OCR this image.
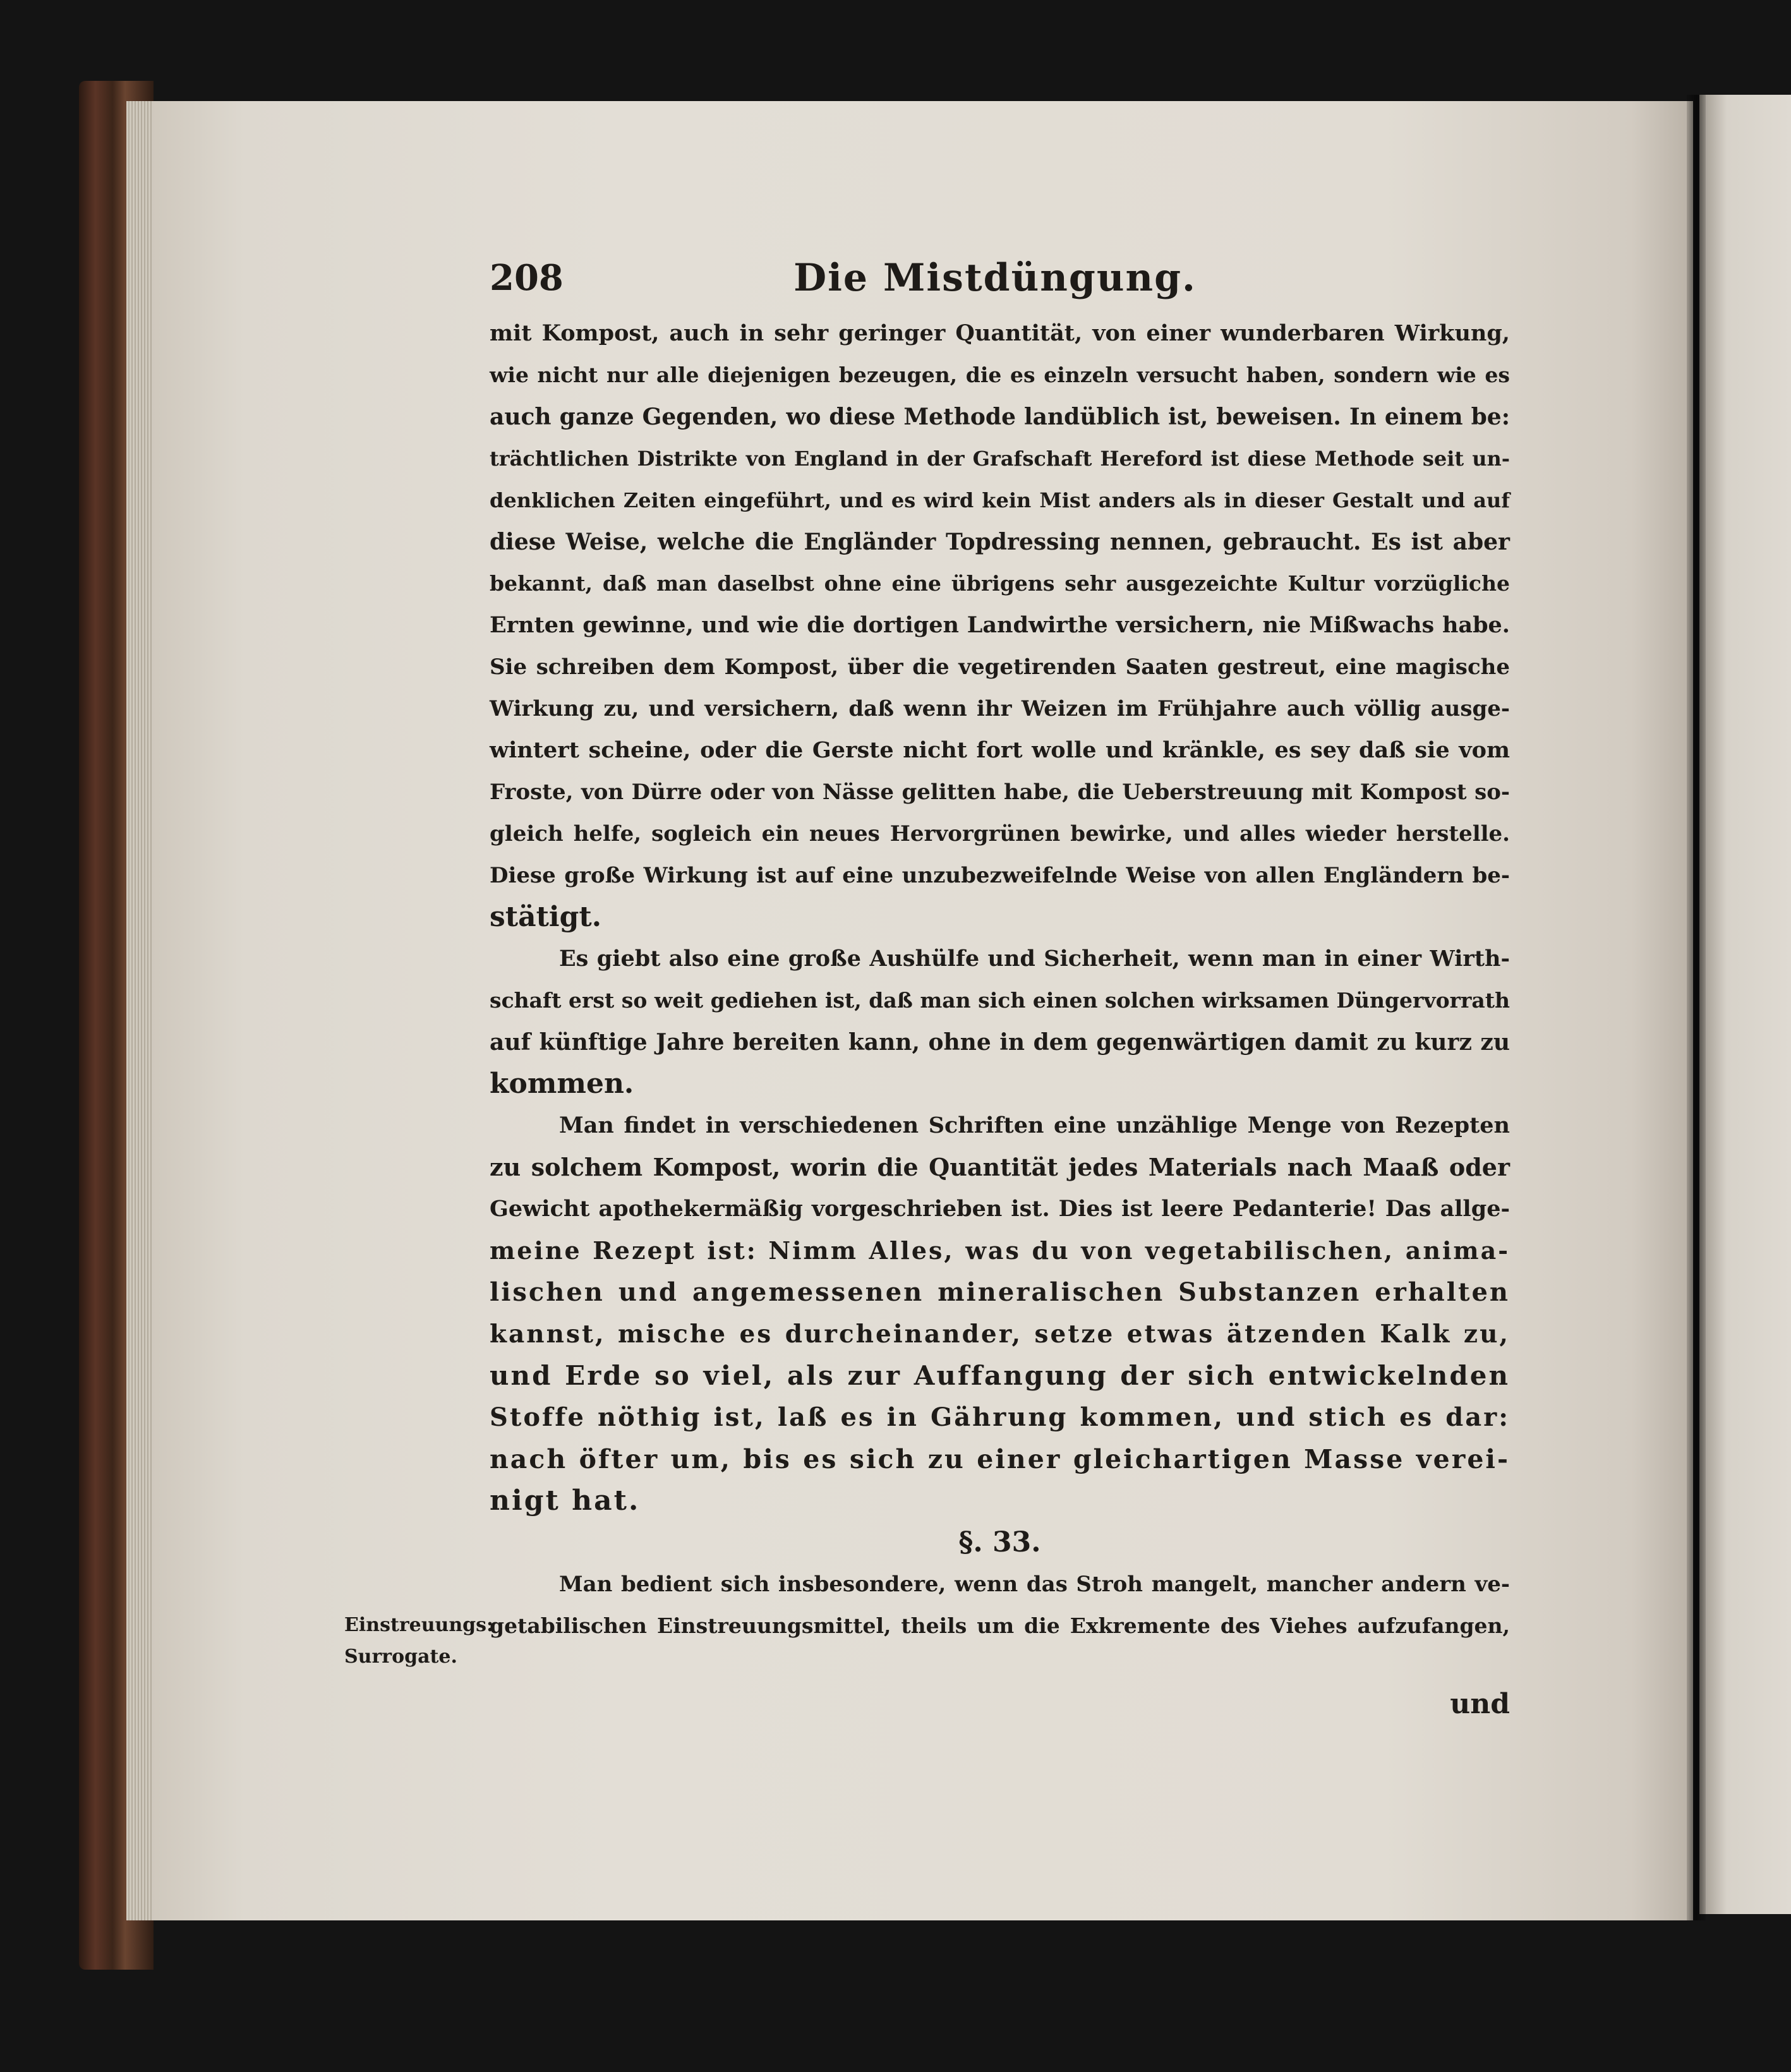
208	Die Mistdüngung.
mit Kompost, auch in sehr geringer Quantität, von einer wunderbaren Wirkung,
wie nicht nur alle diejenigen bezeugen, die es einzeln versucht haben, sondern wie es
auch ganze Gegenden, wo diese Methode landüblich ist, beweisen. In einem be:
trächtlichen Distrikte von England in der Grafschaft Hereford ist diese Methode seit un-
denklichen Zeiten eingeführt, und es wird kein Mist anders als in dieser Gestalt und auf
diese Weise, welche die Engländer Topdressing nennen, gebraucht. Es ist aber
bekannt, daß man daselbst ohne eine übrigens sehr ausgezeichte Kultur vorzügliche
Ernten gewinne, und wie die dortigen Landwirthe versichern, nie Mißwachs habe.
Sie schreiben dem Kompost, über die vegetirenden Saaten gestreut, eine magische
Wirkung zu, und versichern, daß wenn ihr Weizen im Frühjahre auch völlig ausge-
wintert scheine, oder die Gerste nicht fort wolle und kränkle, es sey daß sie vom
Froste, von Dürre oder von Nässe gelitten habe, die Ueberstreuung mit Kompost so-
gleich helfe, sogleich ein neues Hervorgrünen bewirke, und alles wieder herstelle.
Diese große Wirkung ist auf eine unzubezweifelnde Weise von allen Engländern be-
stätigt.
Es giebt also eine große Aushülfe und Sicherheit, wenn man in einer Wirth-
schaft erst so weit gediehen ist, daß man sich einen solchen wirksamen Düngervorrath
auf künftige Jahre bereiten kann, ohne in dem gegenwärtigen damit zu kurz zu
kommen.
Man findet in verschiedenen Schriften eine unzählige Menge von Rezepten
zu solchem Kompost, worin die Quantität jedes Materials nach Maaß oder
Gewicht apothekermäßig vorgeschrieben ist. Dies ist leere Pedanterie! Das allge-
meine Rezept ist: Nimm Alles, was du von vegetabilischen, anima-
lischen und angemessenen mineralischen Substanzen erhalten
kannst, mische es durcheinander, setze etwas ätzenden Kalk zu,
und Erde so viel, als zur Auffangung der sich entwickelnden
Stoffe nöthig ist, laß es in Gährung kommen, und stich es dar:
nach öfter um, bis es sich zu einer gleichartigen Masse verei-
nigt hat.
§. 33.
Man bedient sich insbesondere, wenn das Stroh mangelt, mancher andern ve-
getabilischen Einstreuungsmittel, theils um die Exkremente des Viehes aufzufangen,
Einstreuungs:
Surrogate.
und
